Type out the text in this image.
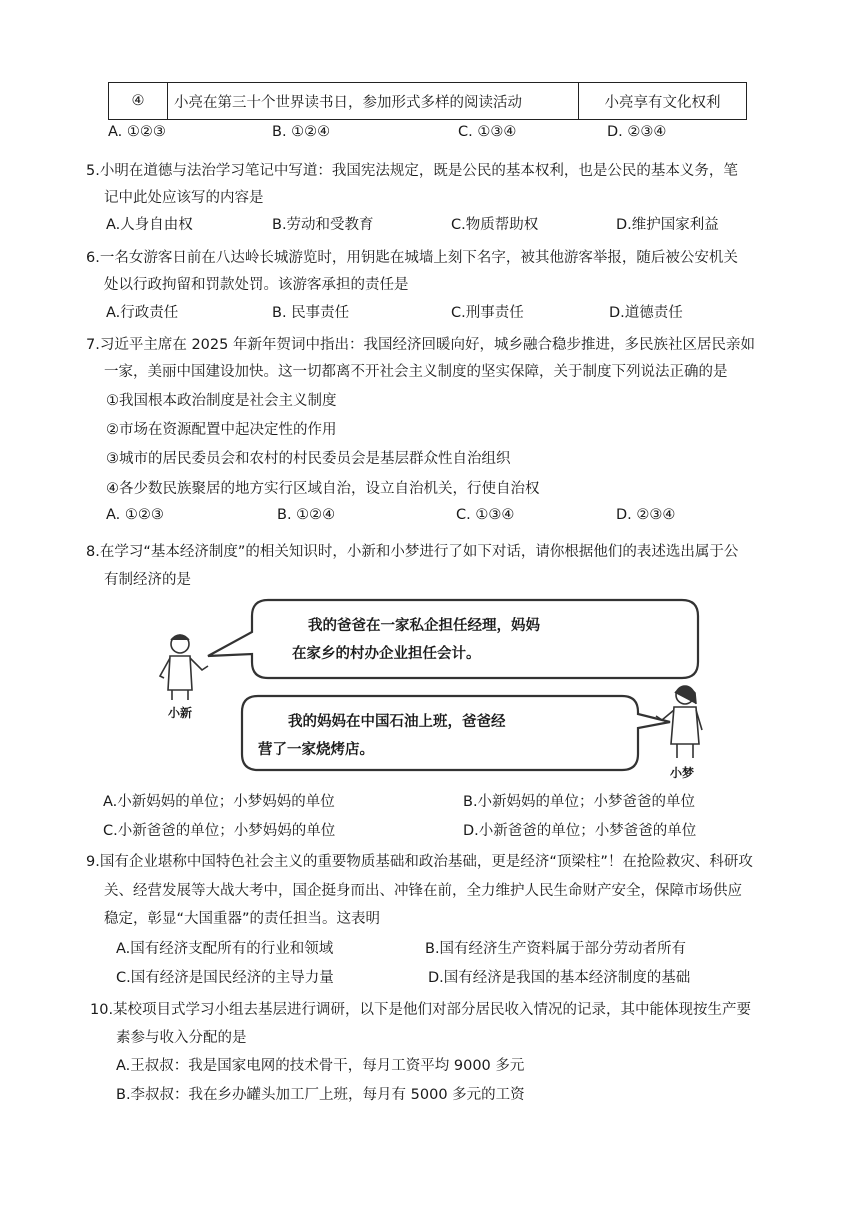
④	小亮在第三十个世界读书日，参加形式多样的阅读活动	小亮享有文化权利
A. ①②③	B. ①②④	C. ①③④	D. ②③④
5.小明在道德与法治学习笔记中写道：我国宪法规定，既是公民的基本权利，也是公民的基本义务，笔
记中此处应该写的内容是
A.人身自由权	B.劳动和受教育	C.物质帮助权	D.维护国家利益
6.一名女游客日前在八达岭长城游览时，用钥匙在城墙上刻下名字，被其他游客举报，随后被公安机关
处以行政拘留和罚款处罚。该游客承担的责任是
A.行政责任	B. 民事责任	C.刑事责任	D.道德责任
7.习近平主席在 2025 年新年贺词中指出：我国经济回暖向好，城乡融合稳步推进，多民族社区居民亲如
一家，美丽中国建设加快。这一切都离不开社会主义制度的坚实保障，关于制度下列说法正确的是
①我国根本政治制度是社会主义制度
②市场在资源配置中起决定性的作用
③城市的居民委员会和农村的村民委员会是基层群众性自治组织
④各少数民族聚居的地方实行区域自治，设立自治机关，行使自治权
A. ①②③	B. ①②④	C. ①③④	D. ②③④
8.在学习“基本经济制度”的相关知识时，小新和小梦进行了如下对话，请你根据他们的表述选出属于公
有制经济的是
我的爸爸在一家私企担任经理，妈妈
在家乡的村办企业担任会计。
我的妈妈在中国石油上班，爸爸经
营了一家烧烤店。
小新
小梦
A.小新妈妈的单位；小梦妈妈的单位	B.小新妈妈的单位；小梦爸爸的单位
C.小新爸爸的单位；小梦妈妈的单位	D.小新爸爸的单位；小梦爸爸的单位
9.国有企业堪称中国特色社会主义的重要物质基础和政治基础，更是经济“顶梁柱”！在抢险救灾、科研攻
关、经营发展等大战大考中，国企挺身而出、冲锋在前，全力维护人民生命财产安全，保障市场供应
稳定，彰显“大国重器”的责任担当。这表明
A.国有经济支配所有的行业和领域	B.国有经济生产资料属于部分劳动者所有
C.国有经济是国民经济的主导力量	D.国有经济是我国的基本经济制度的基础
10.某校项目式学习小组去基层进行调研，以下是他们对部分居民收入情况的记录，其中能体现按生产要
素参与收入分配的是
A.王叔叔：我是国家电网的技术骨干，每月工资平均 9000 多元
B.李叔叔：我在乡办罐头加工厂上班，每月有 5000 多元的工资
